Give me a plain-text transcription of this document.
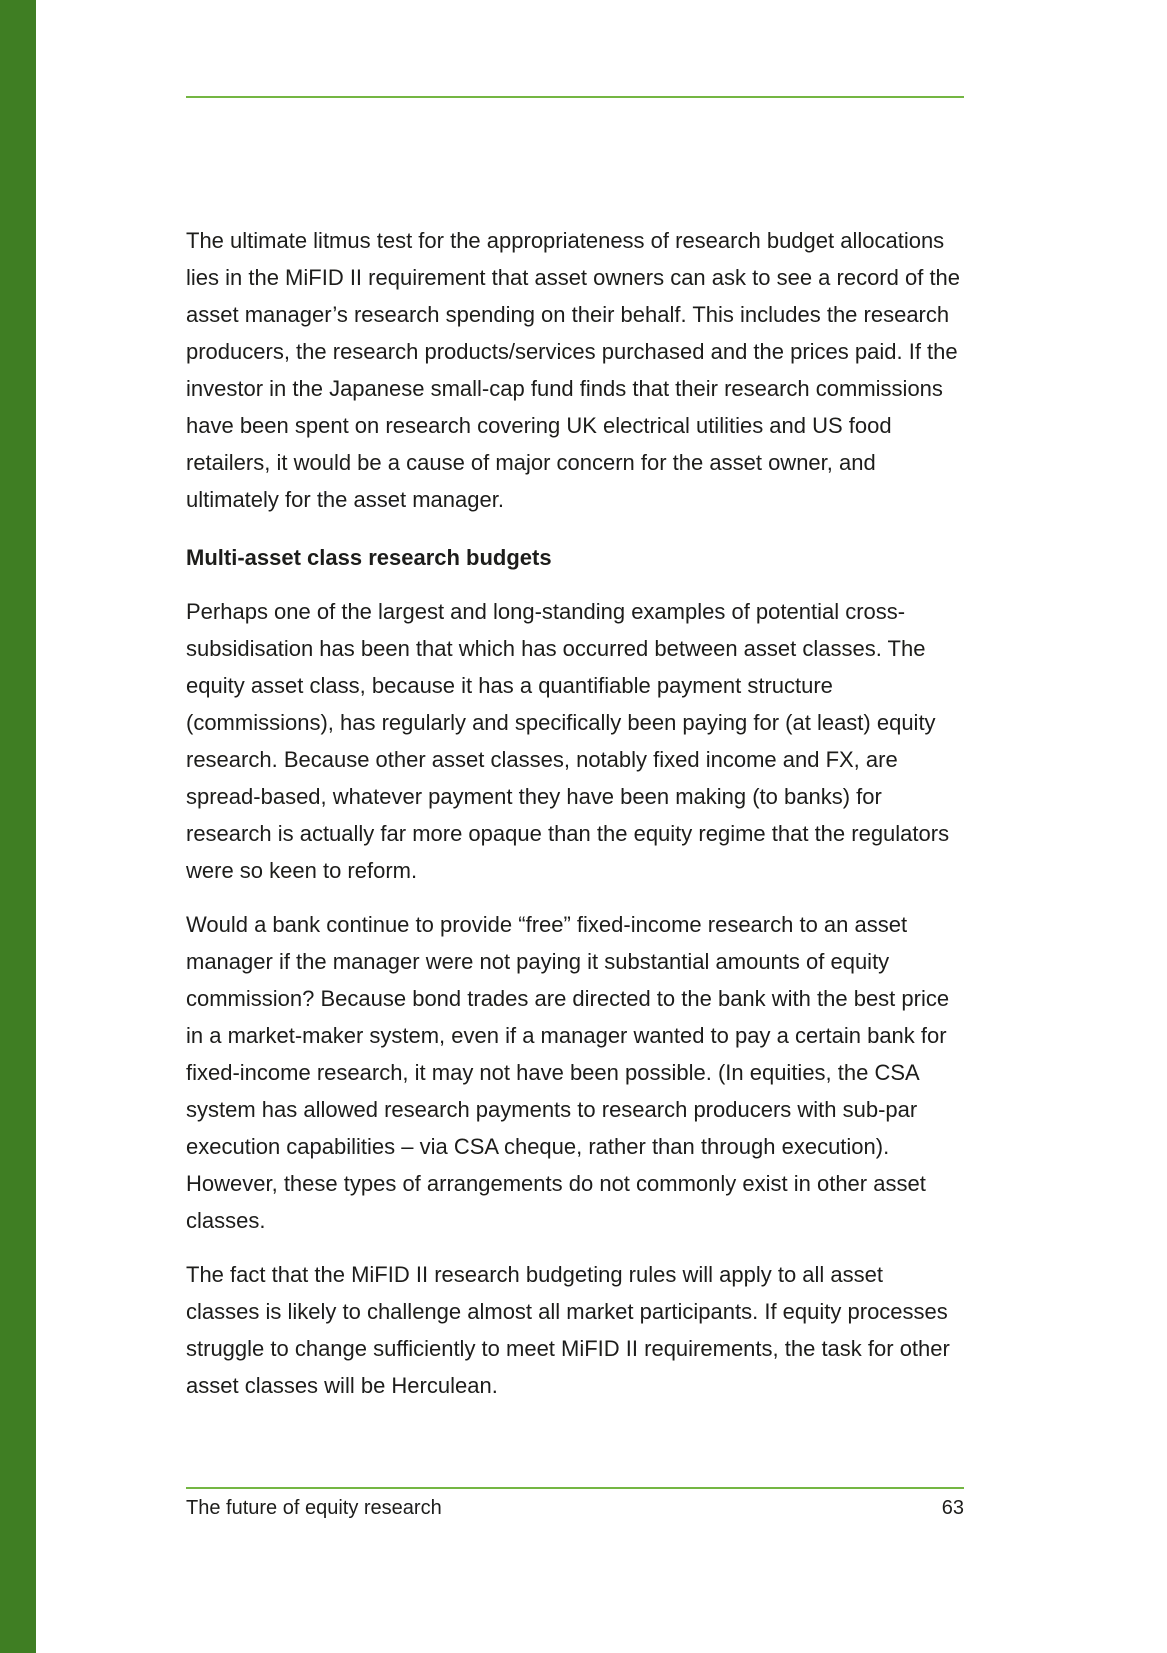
The ultimate litmus test for the appropriateness of research budget allocations lies in the MiFID II requirement that asset owners can ask to see a record of the asset manager’s research spending on their behalf. This includes the research producers, the research products/services purchased and the prices paid. If the investor in the Japanese small-cap fund finds that their research commissions have been spent on research covering UK electrical utilities and US food retailers, it would be a cause of major concern for the asset owner, and ultimately for the asset manager.

Multi-asset class research budgets

Perhaps one of the largest and long-standing examples of potential cross-subsidisation has been that which has occurred between asset classes. The equity asset class, because it has a quantifiable payment structure (commissions), has regularly and specifically been paying for (at least) equity research. Because other asset classes, notably fixed income and FX, are spread-based, whatever payment they have been making (to banks) for research is actually far more opaque than the equity regime that the regulators were so keen to reform.

Would a bank continue to provide “free” fixed-income research to an asset manager if the manager were not paying it substantial amounts of equity commission? Because bond trades are directed to the bank with the best price in a market-maker system, even if a manager wanted to pay a certain bank for fixed-income research, it may not have been possible. (In equities, the CSA system has allowed research payments to research producers with sub-par execution capabilities – via CSA cheque, rather than through execution). However, these types of arrangements do not commonly exist in other asset classes.

The fact that the MiFID II research budgeting rules will apply to all asset classes is likely to challenge almost all market participants. If equity processes struggle to change sufficiently to meet MiFID II requirements, the task for other asset classes will be Herculean.

The future of equity research	63
